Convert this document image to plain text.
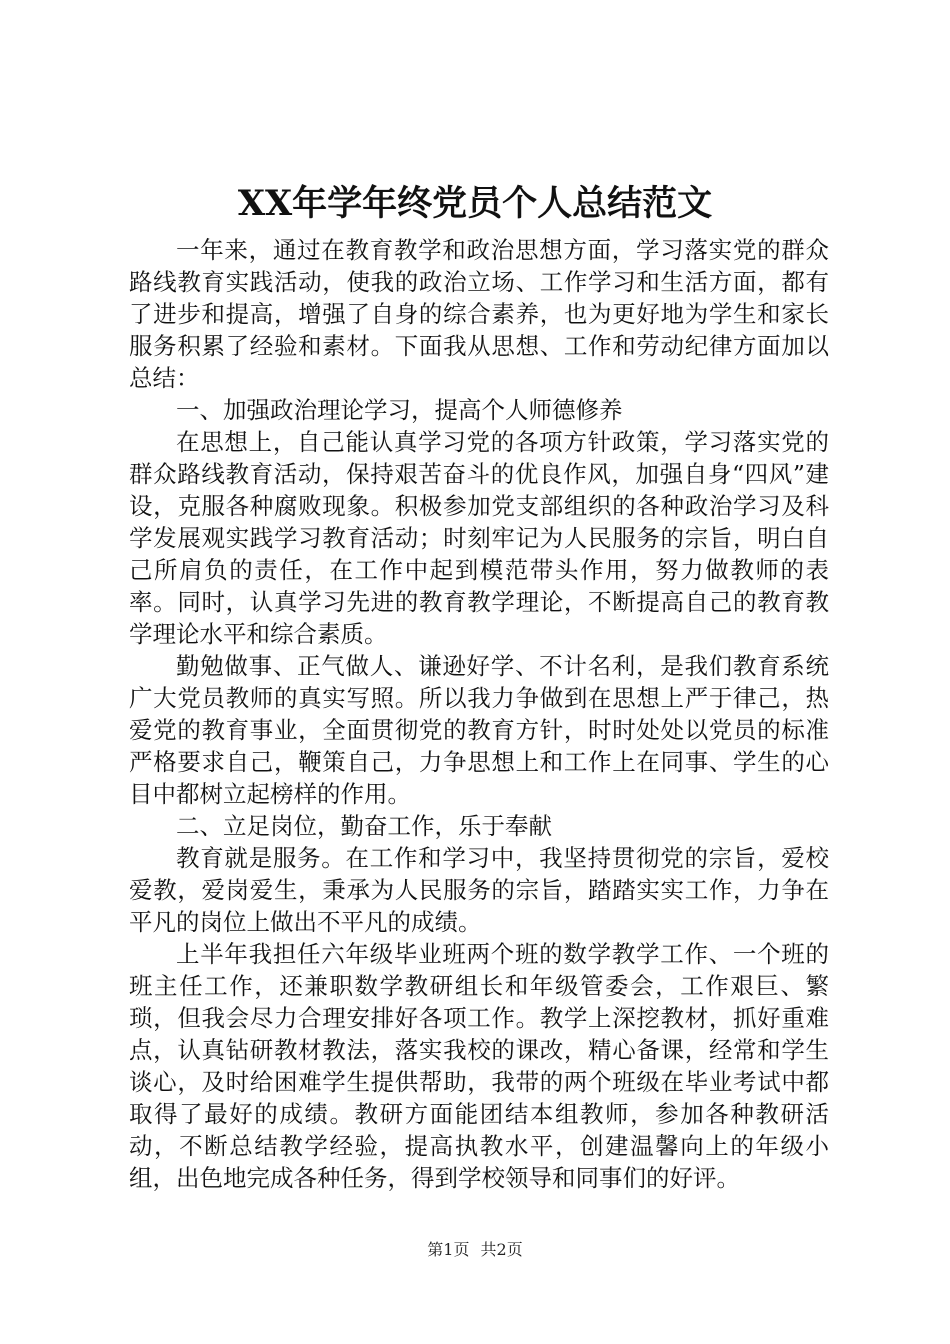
XX年学年终党员个人总结范文

一年来，通过在教育教学和政治思想方面，学习落实党的群众路线教育实践活动，使我的政治立场、工作学习和生活方面，都有了进步和提高，增强了自身的综合素养，也为更好地为学生和家长服务积累了经验和素材。下面我从思想、工作和劳动纪律方面加以总结：

一、加强政治理论学习，提高个人师德修养

在思想上，自己能认真学习党的各项方针政策，学习落实党的群众路线教育活动，保持艰苦奋斗的优良作风，加强自身“四风”建设，克服各种腐败现象。积极参加党支部组织的各种政治学习及科学发展观实践学习教育活动；时刻牢记为人民服务的宗旨，明白自己所肩负的责任，在工作中起到模范带头作用，努力做教师的表率。同时，认真学习先进的教育教学理论，不断提高自己的教育教学理论水平和综合素质。

勤勉做事、正气做人、谦逊好学、不计名利，是我们教育系统广大党员教师的真实写照。所以我力争做到在思想上严于律己，热爱党的教育事业，全面贯彻党的教育方针，时时处处以党员的标准严格要求自己，鞭策自己，力争思想上和工作上在同事、学生的心目中都树立起榜样的作用。

二、立足岗位，勤奋工作，乐于奉献

教育就是服务。在工作和学习中，我坚持贯彻党的宗旨，爱校爱教，爱岗爱生，秉承为人民服务的宗旨，踏踏实实工作，力争在平凡的岗位上做出不平凡的成绩。

上半年我担任六年级毕业班两个班的数学教学工作、一个班的班主任工作，还兼职数学教研组长和年级管委会，工作艰巨、繁琐，但我会尽力合理安排好各项工作。教学上深挖教材，抓好重难点，认真钻研教材教法，落实我校的课改，精心备课，经常和学生谈心，及时给困难学生提供帮助，我带的两个班级在毕业考试中都取得了最好的成绩。教研方面能团结本组教师，参加各种教研活动，不断总结教学经验，提高执教水平，创建温馨向上的年级小组，出色地完成各种任务，得到学校领导和同事们的好评。

第1页 共2页
